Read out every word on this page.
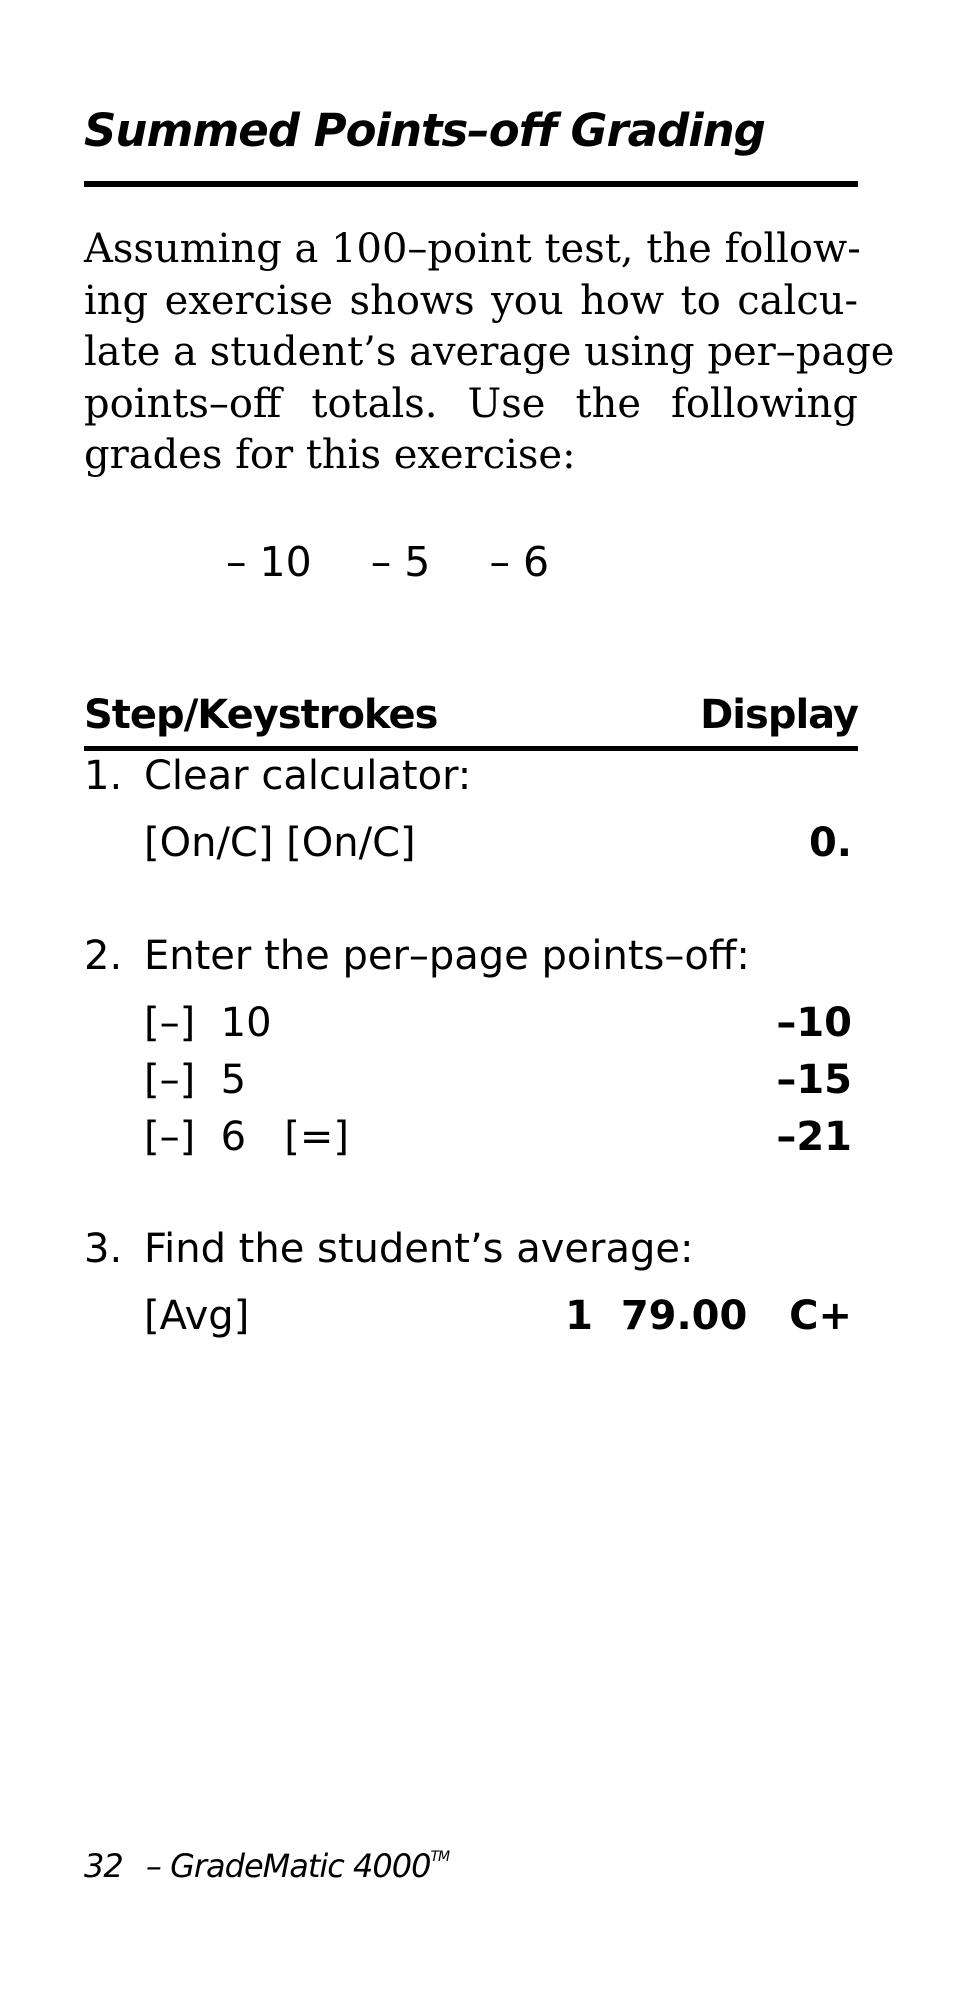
Summed Points–off Grading
Assuming a 100–point test, the follow-
ing exercise shows you how to calcu-
late a student’s average using per–page
points–off totals. Use the following
grades for this exercise:
– 10 – 5 – 6
Step/Keystrokes	Display
1. Clear calculator:
[On/C] [On/C]	0.
2. Enter the per–page points–off:
[–]  10	–10
[–]  5	–15
[–]  6   [=]	–21
3. Find the student’s average:
[Avg]	1  79.00   C+
32 – GradeMatic 4000™
